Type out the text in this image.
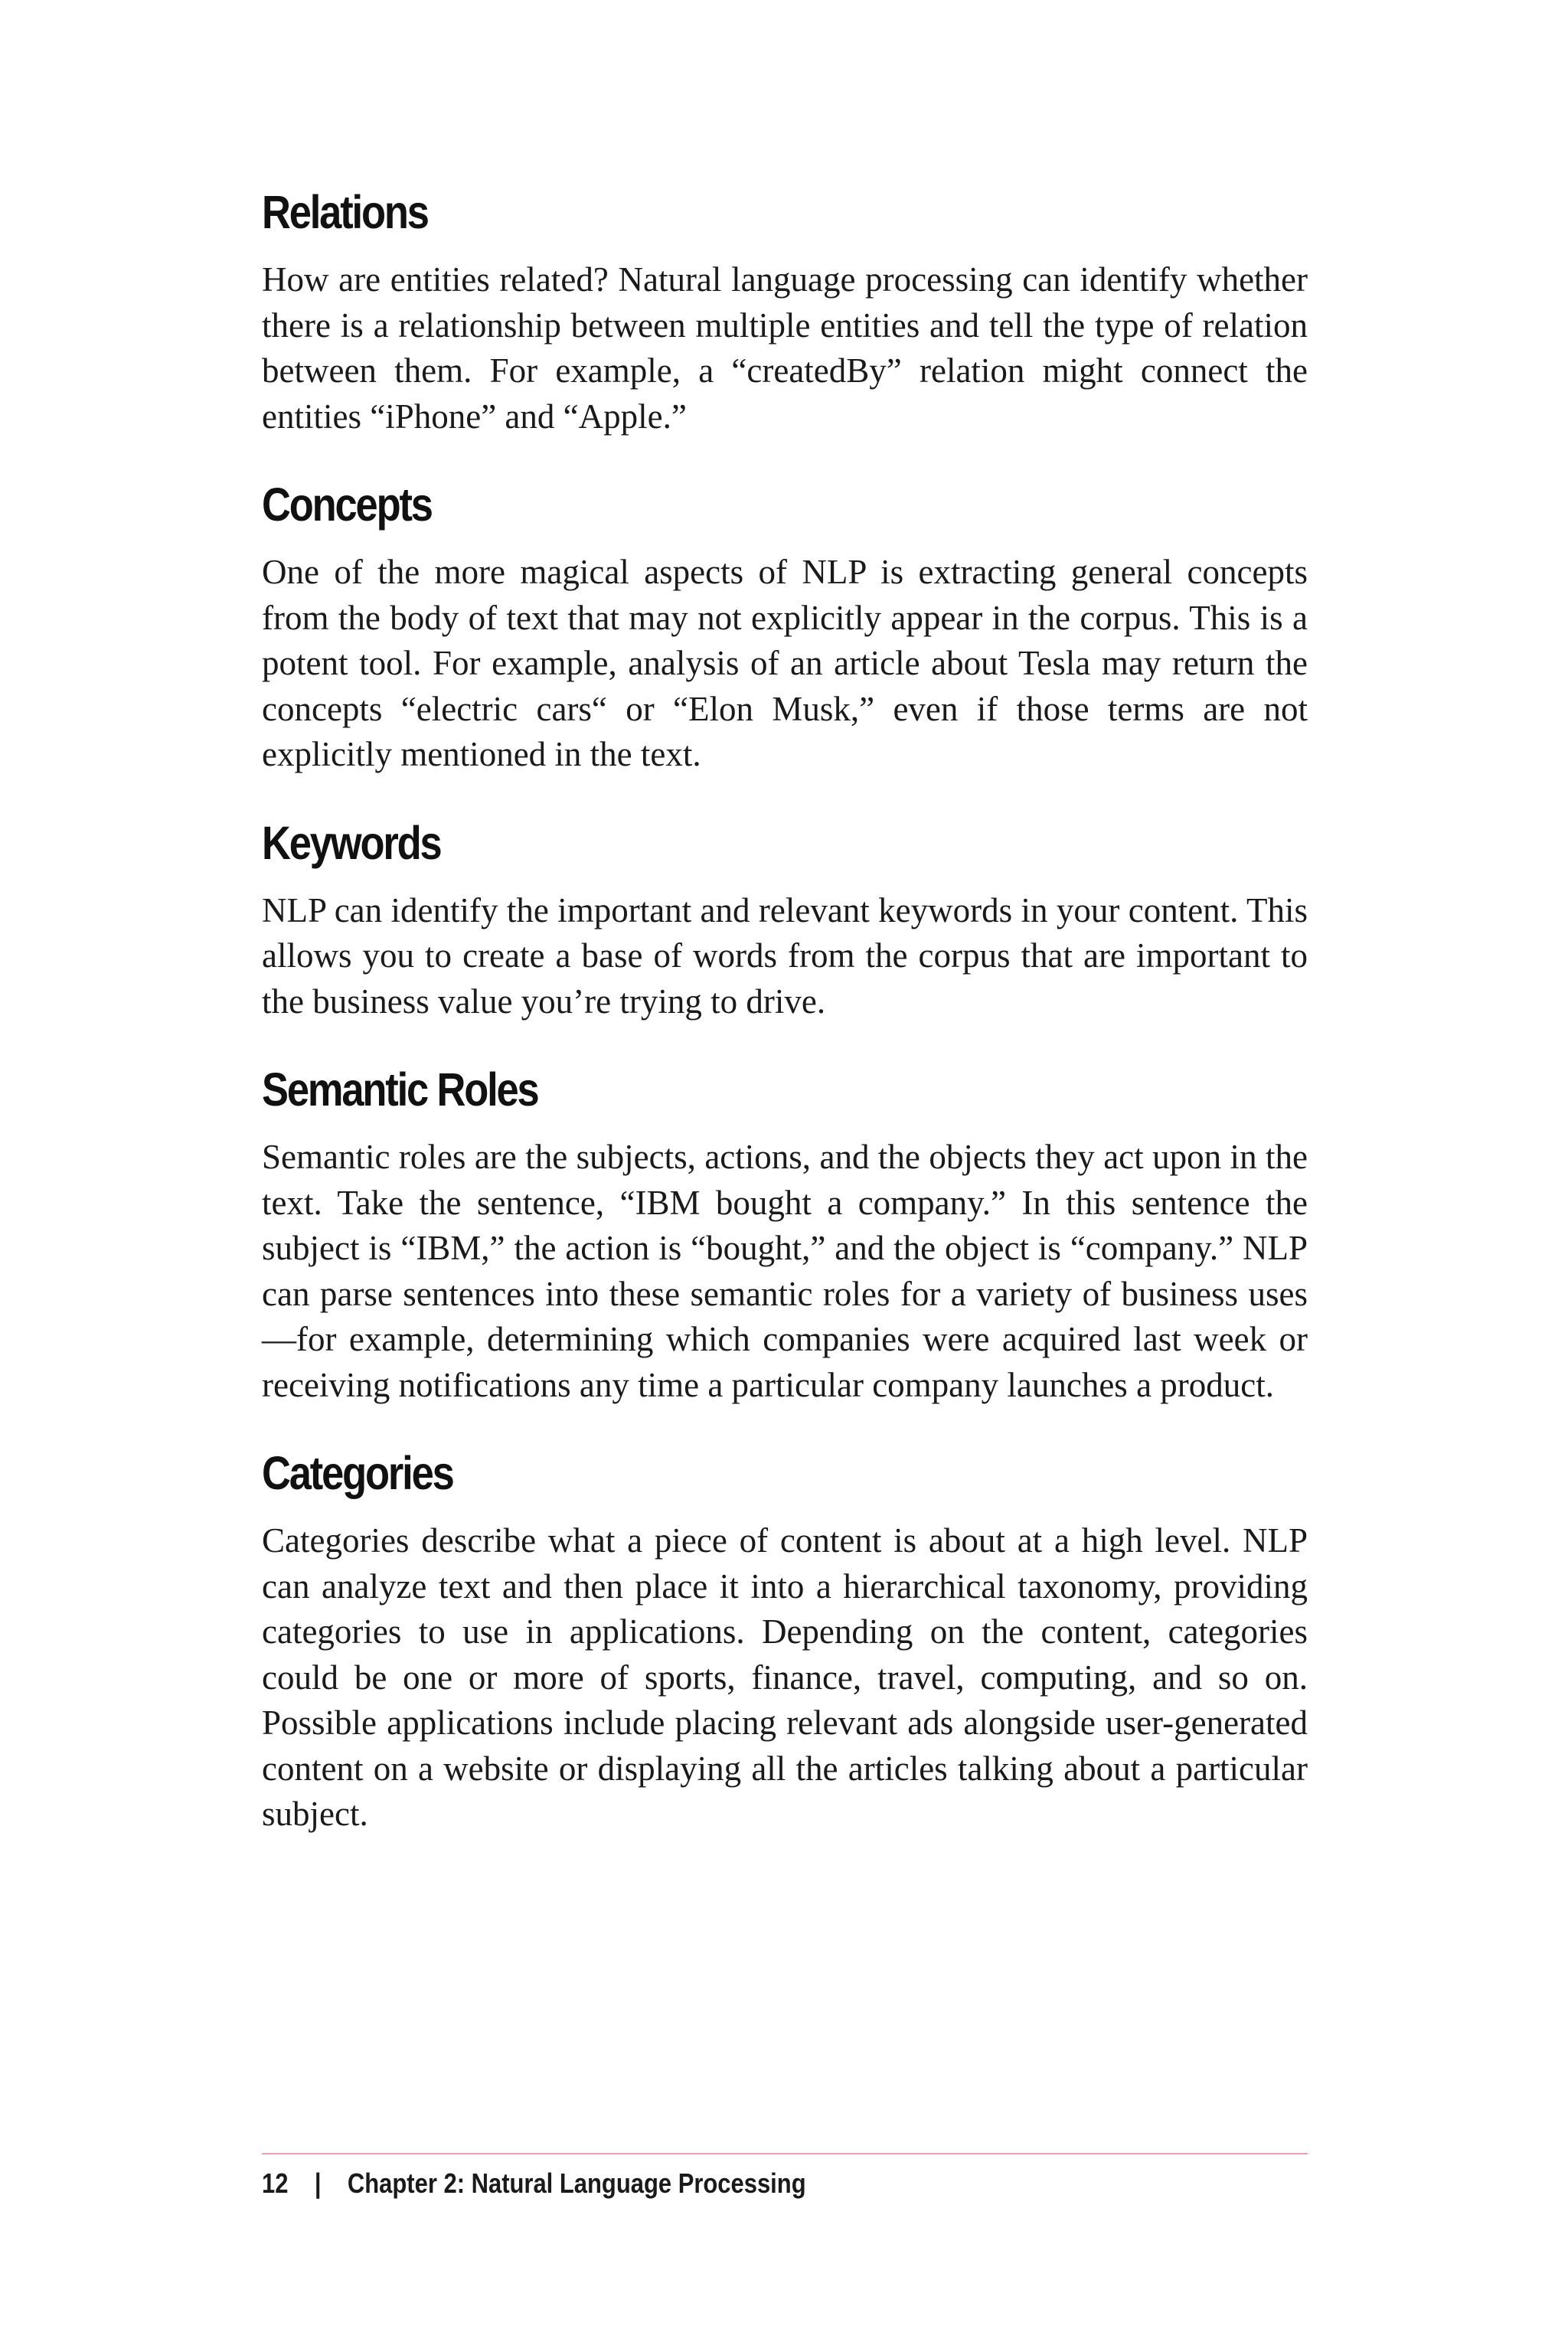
Relations

How are entities related? Natural language processing can identify whether there is a relationship between multiple entities and tell the type of relation between them. For example, a “createdBy” relation might connect the entities “iPhone” and “Apple.”

Concepts

One of the more magical aspects of NLP is extracting general concepts from the body of text that may not explicitly appear in the corpus. This is a potent tool. For example, analysis of an article about Tesla may return the concepts “electric cars“ or “Elon Musk,” even if those terms are not explicitly mentioned in the text.

Keywords

NLP can identify the important and relevant keywords in your content. This allows you to create a base of words from the corpus that are important to the business value you’re trying to drive.

Semantic Roles

Semantic roles are the subjects, actions, and the objects they act upon in the text. Take the sentence, “IBM bought a company.” In this sentence the subject is “IBM,” the action is “bought,” and the object is “company.” NLP can parse sentences into these semantic roles for a variety of business uses—for example, determining which companies were acquired last week or receiving notifications any time a particular company launches a product.

Categories

Categories describe what a piece of content is about at a high level. NLP can analyze text and then place it into a hierarchical taxonomy, providing categories to use in applications. Depending on the content, categories could be one or more of sports, finance, travel, computing, and so on. Possible applications include placing relevant ads alongside user-generated content on a website or displaying all the articles talking about a particular subject.

12 | Chapter 2: Natural Language Processing
